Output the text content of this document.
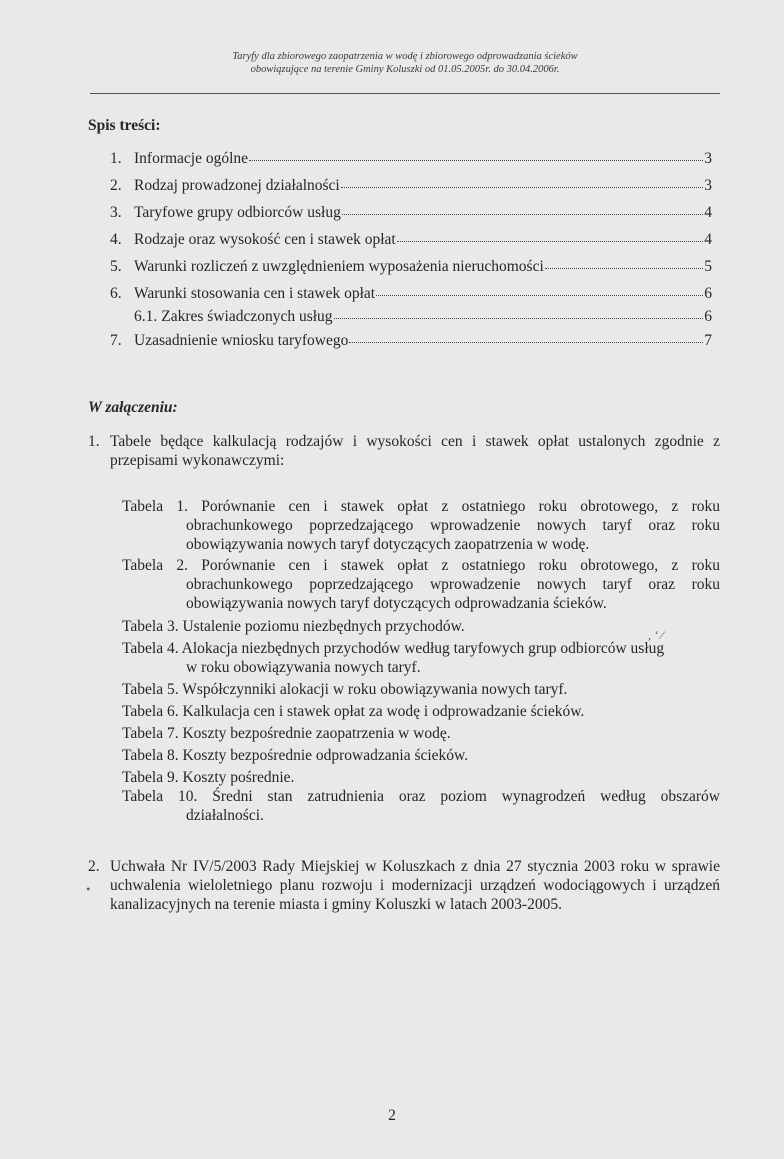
Taryfy dla zbiorowego zaopatrzenia w wodę i zbiorowego odprowadzania ścieków
obowiązujące na terenie Gminy Koluszki od 01.05.2005r. do 30.04.2006r.
Spis treści:
1. Informacje ogólne	3
2. Rodzaj prowadzonej działalności	3
3. Taryfowe grupy odbiorców usług	4
4. Rodzaje oraz wysokość cen i stawek opłat	4
5. Warunki rozliczeń z uwzględnieniem wyposażenia nieruchomości	5
6. Warunki stosowania cen i stawek opłat	6
6.1. Zakres świadczonych usług	6
7. Uzasadnienie wniosku taryfowego	7
W załączeniu:
1. Tabele będące kalkulacją rodzajów i wysokości cen i stawek opłat ustalonych zgodnie z przepisami wykonawczymi:
Tabela 1. Porównanie cen i stawek opłat z ostatniego roku obrotowego, z roku
obrachunkowego poprzedzającego wprowadzenie nowych taryf oraz roku
obowiązywania nowych taryf dotyczących zaopatrzenia w wodę.
Tabela 2. Porównanie cen i stawek opłat z ostatniego roku obrotowego, z roku
obrachunkowego poprzedzającego wprowadzenie nowych taryf oraz roku
obowiązywania nowych taryf dotyczących odprowadzania ścieków.
Tabela 3. Ustalenie poziomu niezbędnych przychodów.
Tabela 4. Alokacja niezbędnych przychodów według taryfowych grup odbiorców usług
w roku obowiązywania nowych taryf.
Tabela 5. Współczynniki alokacji w roku obowiązywania nowych taryf.
Tabela 6. Kalkulacja cen i stawek opłat za wodę i odprowadzanie ścieków.
Tabela 7. Koszty bezpośrednie zaopatrzenia w wodę.
Tabela 8. Koszty bezpośrednie odprowadzania ścieków.
Tabela 9. Koszty pośrednie.
Tabela 10. Średni stan zatrudnienia oraz poziom wynagrodzeń według obszarów
działalności.
2. Uchwała Nr IV/5/2003 Rady Miejskiej w Koluszkach z dnia 27 stycznia 2003 roku w sprawie uchwalenia wieloletniego planu rozwoju i modernizacji urządzeń wodociągowych i urządzeń kanalizacyjnych na terenie miasta i gminy Koluszki w latach 2003-2005.
, ‘ ⁄
•
2
